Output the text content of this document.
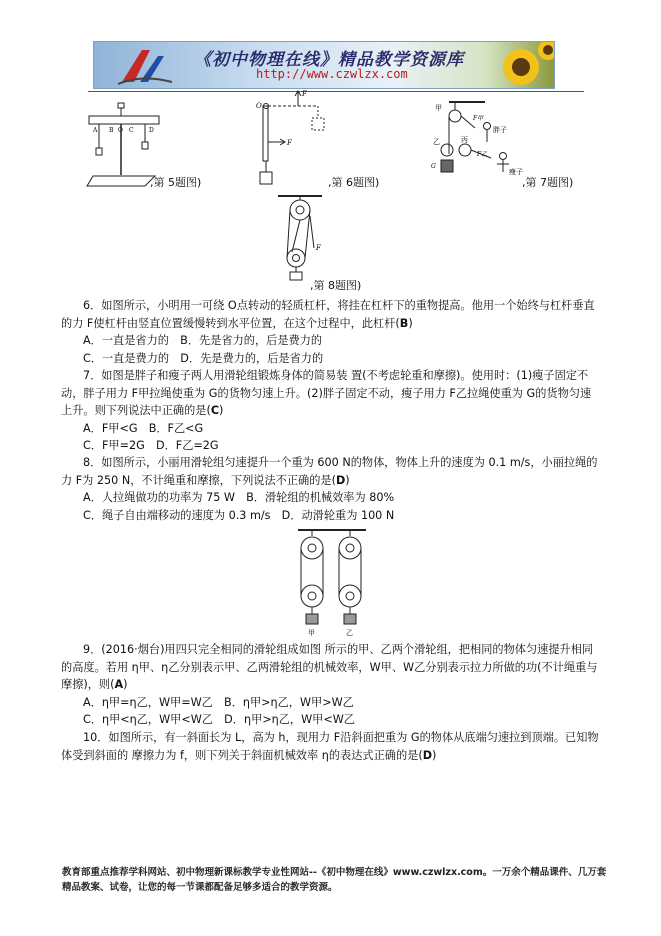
《初中物理在线》精品教学资源库
http://www.czwlzx.com
A B O C	D
,第 5题图)
O
F
F
,第 6题图)
甲
F甲
胖子
乙	丙
G
F乙
瘦子
,第 7题图)
F
,第 8题图)

6．如图所示，小明用一可绕 O点转动的轻质杠杆，将挂在杠杆下的重物提高。他用一个始终与杠杆垂直的力 F使杠杆由竖直位置缓慢转到水平位置，在这个过程中，此杠杆(B)

A．一直是省力的　B．先是省力的，后是费力的
C．一直是费力的　D．先是费力的，后是省力的

7．如图是胖子和瘦子两人用滑轮组锻炼身体的简易装 置(不考虑轮重和摩擦)。使用时：(1)瘦子固定不动，胖子用力 F甲拉绳使重为 G的货物匀速上升。(2)胖子固定不动，瘦子用力 F乙拉绳使重为 G的货物匀速上升。则下列说法中正确的是(C)

A．F甲<G　B．F乙<G
C．F甲=2G　D．F乙=2G

8．如图所示，小丽用滑轮组匀速提升一个重为 600 N的物体，物体上升的速度为 0.1 m/s，小丽拉绳的力 F为 250 N，不计绳重和摩擦，下列说法不正确的是(D)

A．人拉绳做功的功率为 75 W　B．滑轮组的机械效率为 80%
C．绳子自由端移动的速度为 0.3 m/s　D．动滑轮重为 100 N
甲	乙

9．(2016·烟台)用四只完全相同的滑轮组成如图 所示的甲、乙两个滑轮组，把相同的物体匀速提升相同的高度。若用 η甲、η乙分别表示甲、乙两滑轮组的机械效率，W甲、W乙分别表示拉力所做的功(不计绳重与摩擦)，则(A)

A．η甲=η乙，W甲=W乙　B．η甲>η乙，W甲>W乙
C．η甲<η乙，W甲<W乙　D．η甲>η乙，W甲<W乙

10．如图所示，有一斜面长为 L，高为 h，现用力 F沿斜面把重为 G的物体从底端匀速拉到顶端。已知物体受到斜面的 摩擦力为 f，则下列关于斜面机械效率 η的表达式正确的是(D)

教育部重点推荐学科网站、初中物理新课标教学专业性网站--《初中物理在线》www.czwlzx.com。一万余个精品课件、几万套精品教案、试卷，让您的每一节课都配备足够多适合的教学资源。
